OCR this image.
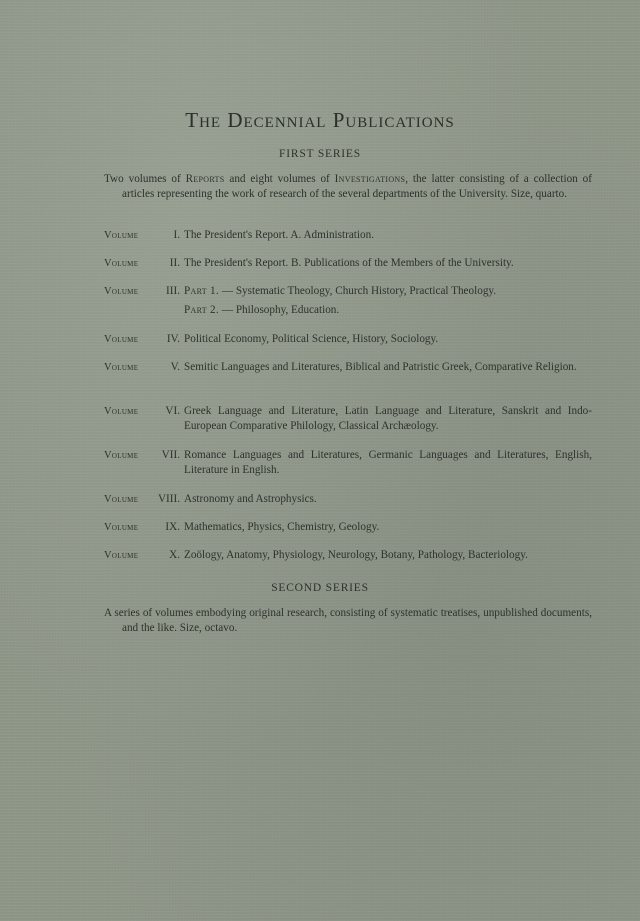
The Decennial Publications
FIRST SERIES
Two volumes of Reports and eight volumes of Investigations, the latter consisting of a collection of articles representing the work of research of the several departments of the University. Size, quarto.
Volume	I. The President's Report. A. Administration.
Volume	II. The President's Report. B. Publications of the Members of the University.
Volume	III. Part 1. — Systematic Theology, Church History, Practical Theology.
Part 2. — Philosophy, Education.
Volume	IV. Political Economy, Political Science, History, Sociology.
Volume	V. Semitic Languages and Literatures, Biblical and Patristic Greek, Comparative Religion.
Volume	VI. Greek Language and Literature, Latin Language and Literature, Sanskrit and Indo-European Comparative Philology, Classical Archæology.
Volume	VII. Romance Languages and Literatures, Germanic Languages and Literatures, English, Literature in English.
Volume	VIII. Astronomy and Astrophysics.
Volume	IX. Mathematics, Physics, Chemistry, Geology.
Volume	X. Zoölogy, Anatomy, Physiology, Neurology, Botany, Pathology, Bacteriology.
SECOND SERIES
A series of volumes embodying original research, consisting of systematic treatises, unpublished documents, and the like. Size, octavo.
